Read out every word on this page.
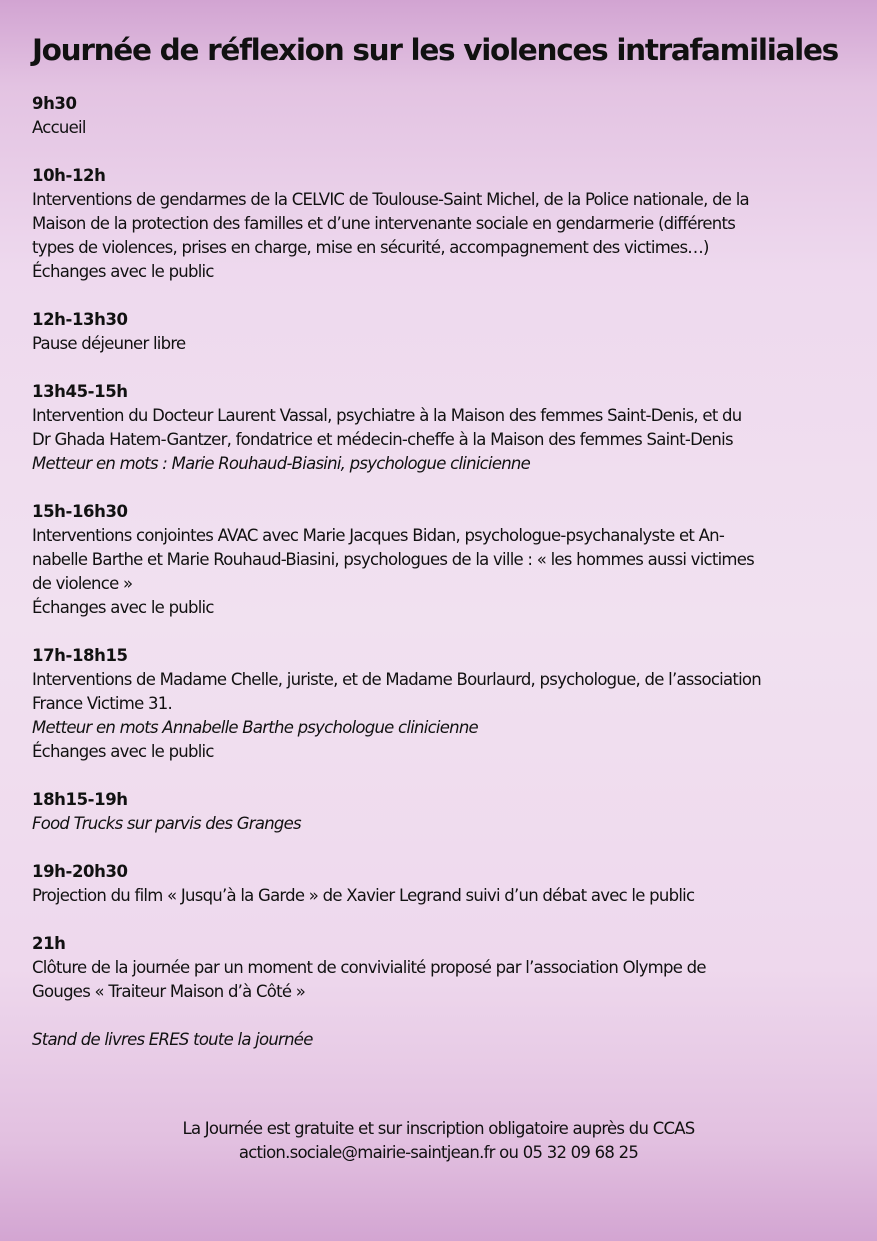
Journée de réflexion sur les violences intrafamiliales
9h30
Accueil
10h-12h
Interventions de gendarmes de la CELVIC de Toulouse-Saint Michel, de la Police nationale, de la
Maison de la protection des familles et d’une intervenante sociale en gendarmerie (différents
types de violences, prises en charge, mise en sécurité, accompagnement des victimes…)
Échanges avec le public
12h-13h30
Pause déjeuner libre
13h45-15h
Intervention du Docteur Laurent Vassal, psychiatre à la Maison des femmes Saint-Denis, et du
Dr Ghada Hatem-Gantzer, fondatrice et médecin-cheffe à la Maison des femmes Saint-Denis
Metteur en mots : Marie Rouhaud-Biasini, psychologue clinicienne
15h-16h30
Interventions conjointes AVAC avec Marie Jacques Bidan, psychologue-psychanalyste et An-
nabelle Barthe et Marie Rouhaud-Biasini, psychologues de la ville : « les hommes aussi victimes
de violence »
Échanges avec le public
17h-18h15
Interventions de Madame Chelle, juriste, et de Madame Bourlaurd, psychologue, de l’association
France Victime 31.
Metteur en mots Annabelle Barthe psychologue clinicienne
Échanges avec le public
18h15-19h
Food Trucks sur parvis des Granges
19h-20h30
Projection du film « Jusqu’à la Garde » de Xavier Legrand suivi d’un débat avec le public
21h
Clôture de la journée par un moment de convivialité proposé par l’association Olympe de
Gouges « Traiteur Maison d’à Côté »
Stand de livres ERES toute la journée
La Journée est gratuite et sur inscription obligatoire auprès du CCAS
action.sociale@mairie-saintjean.fr ou 05 32 09 68 25
